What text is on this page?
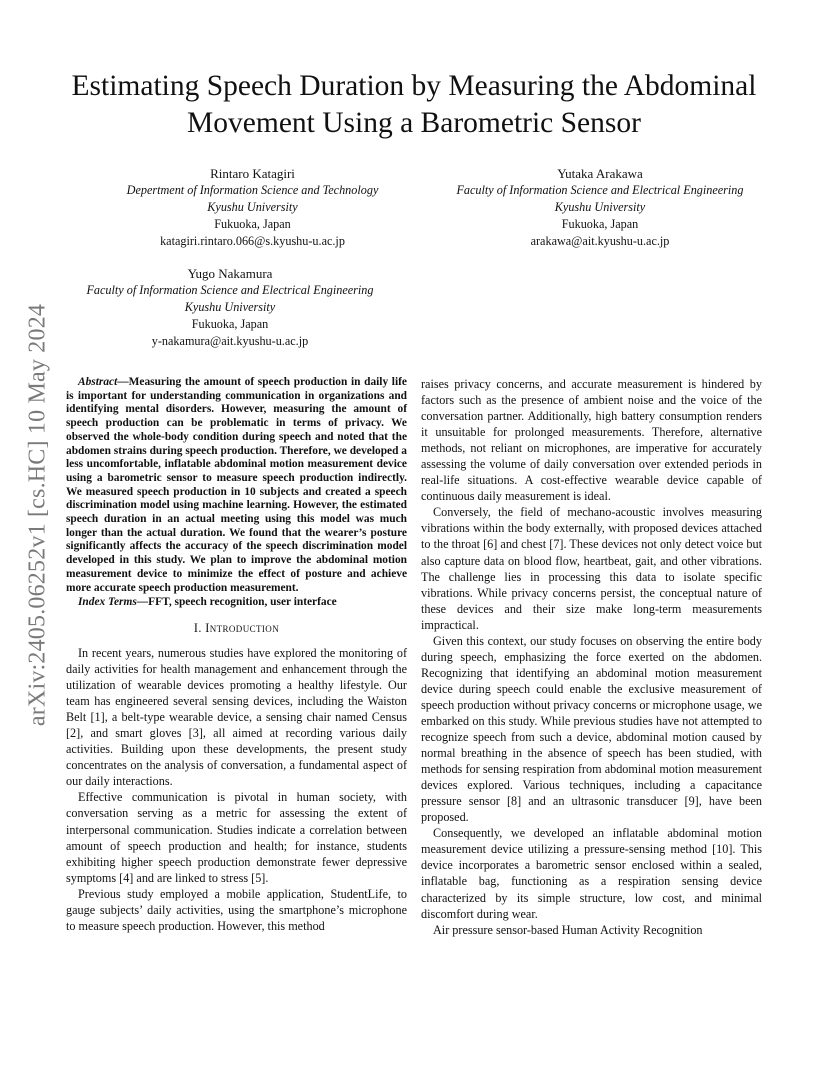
Estimating Speech Duration by Measuring the Abdominal Movement Using a Barometric Sensor
Rintaro Katagiri
Depertment of Information Science and Technology
Kyushu University
Fukuoka, Japan
katagiri.rintaro.066@s.kyushu-u.ac.jp
Yutaka Arakawa
Faculty of Information Science and Electrical Engineering
Kyushu University
Fukuoka, Japan
arakawa@ait.kyushu-u.ac.jp
Yugo Nakamura
Faculty of Information Science and Electrical Engineering
Kyushu University
Fukuoka, Japan
y-nakamura@ait.kyushu-u.ac.jp
arXiv:2405.06252v1 [cs.HC] 10 May 2024	Abstract—Measuring the amount of speech production in daily life is important for understanding communication in organizations and identifying mental disorders. However, measuring the amount of speech production can be problematic in terms of privacy. We observed the whole-body condition during speech and noted that the abdomen strains during speech production. Therefore, we developed a less uncomfortable, inflatable abdominal motion measurement device using a barometric sensor to measure speech production indirectly. We measured speech production in 10 subjects and created a speech discrimination model using machine learning. However, the estimated speech duration in an actual meeting using this model was much longer than the actual duration. We found that the wearer’s posture significantly affects the accuracy of the speech discrimination model developed in this study. We plan to improve the abdominal motion measurement device to minimize the effect of posture and achieve more accurate speech production measurement.

Index Terms—FFT, speech recognition, user interface

I. Introduction

In recent years, numerous studies have explored the monitoring of daily activities for health management and enhancement through the utilization of wearable devices promoting a healthy lifestyle. Our team has engineered several sensing devices, including the Waiston Belt [1], a belt-type wearable device, a sensing chair named Census [2], and smart gloves [3], all aimed at recording various daily activities. Building upon these developments, the present study concentrates on the analysis of conversation, a fundamental aspect of our daily interactions.

Effective communication is pivotal in human society, with conversation serving as a metric for assessing the extent of interpersonal communication. Studies indicate a correlation between amount of speech production and health; for instance, students exhibiting higher speech production demonstrate fewer depressive symptoms [4] and are linked to stress [5].

Previous study employed a mobile application, StudentLife, to gauge subjects’ daily activities, using the smartphone’s microphone to measure speech production. However, this method

raises privacy concerns, and accurate measurement is hindered by factors such as the presence of ambient noise and the voice of the conversation partner. Additionally, high battery consumption renders it unsuitable for prolonged measurements. Therefore, alternative methods, not reliant on microphones, are imperative for accurately assessing the volume of daily conversation over extended periods in real-life situations. A cost-effective wearable device capable of continuous daily measurement is ideal.

Conversely, the field of mechano-acoustic involves measuring vibrations within the body externally, with proposed devices attached to the throat [6] and chest [7]. These devices not only detect voice but also capture data on blood flow, heartbeat, gait, and other vibrations. The challenge lies in processing this data to isolate specific vibrations. While privacy concerns persist, the conceptual nature of these devices and their size make long-term measurements impractical.

Given this context, our study focuses on observing the entire body during speech, emphasizing the force exerted on the abdomen. Recognizing that identifying an abdominal motion measurement device during speech could enable the exclusive measurement of speech production without privacy concerns or microphone usage, we embarked on this study. While previous studies have not attempted to recognize speech from such a device, abdominal motion caused by normal breathing in the absence of speech has been studied, with methods for sensing respiration from abdominal motion measurement devices explored. Various techniques, including a capacitance pressure sensor [8] and an ultrasonic transducer [9], have been proposed.

Consequently, we developed an inflatable abdominal motion measurement device utilizing a pressure-sensing method [10]. This device incorporates a barometric sensor enclosed within a sealed, inflatable bag, functioning as a respiration sensing device characterized by its simple structure, low cost, and minimal discomfort during wear.

Air pressure sensor-based Human Activity Recognition
